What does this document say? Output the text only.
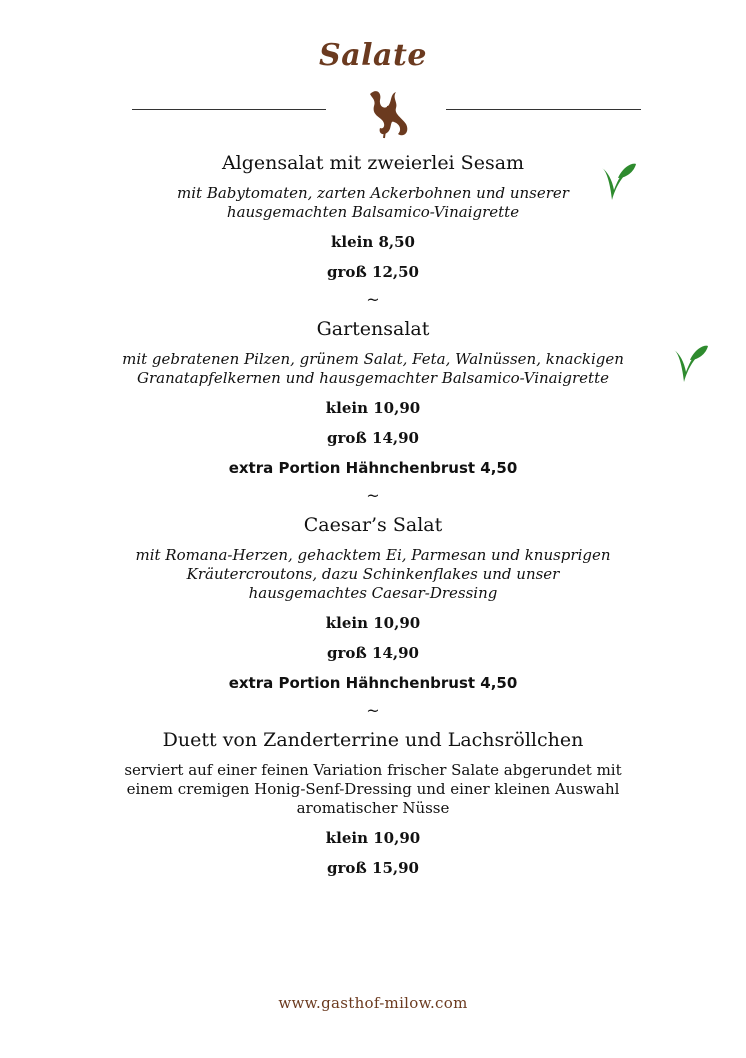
Salate
Algensalat mit zweierlei Sesam
mit Babytomaten, zarten Ackerbohnen und unserer
hausgemachten Balsamico-Vinaigrette
klein 8,50
groß 12,50
~
Gartensalat
mit gebratenen Pilzen, grünem Salat, Feta, Walnüssen, knackigen
Granatapfelkernen und hausgemachter Balsamico-Vinaigrette
klein 10,90
groß 14,90
extra Portion Hähnchenbrust 4,50
~
Caesar’s Salat
mit Romana-Herzen, gehacktem Ei, Parmesan und knusprigen
Kräutercroutons, dazu Schinkenflakes und unser
hausgemachtes Caesar-Dressing
klein 10,90
groß 14,90
extra Portion Hähnchenbrust 4,50
~
Duett von Zanderterrine und Lachsröllchen
serviert auf einer feinen Variation frischer Salate abgerundet mit
einem cremigen Honig-Senf-Dressing und einer kleinen Auswahl
aromatischer Nüsse
klein 10,90
groß 15,90
www.gasthof-milow.com
